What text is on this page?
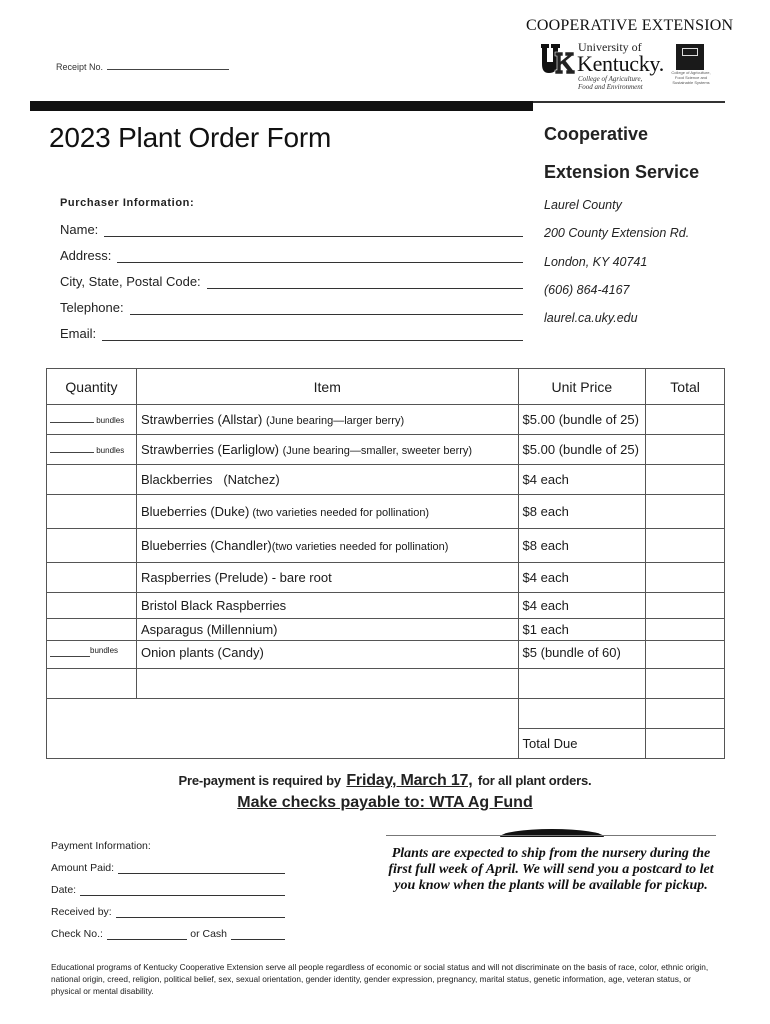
Receipt No.
COOPERATIVE EXTENSION
University of
Kentucky.
College of Agriculture,
Food and Environment
College of Agriculture, Food Science and Sustainable Systems
2023 Plant Order Form
Purchaser Information:
Name:
Address:
City, State, Postal Code:
Telephone:
Email:
Cooperative
Extension Service
Laurel County
200 County Extension Rd.
London, KY 40741
(606) 864-4167
laurel.ca.uky.edu
Quantity	Item	Unit Price	Total
bundles	Strawberries (Allstar) (June bearing—larger berry)	$5.00 (bundle of 25)	
bundles	Strawberries (Earliglow) (June bearing—smaller, sweeter berry)	$5.00 (bundle of 25)	
	Blackberries   (Natchez)	$4 each	
	Blueberries (Duke) (two varieties needed for pollination)	$8 each	
	Blueberries (Chandler)(two varieties needed for pollination)	$8 each	
	Raspberries (Prelude) - bare root	$4 each	
	Bristol Black Raspberries	$4 each	
	Asparagus (Millennium)	$1 each	
bundles	Onion plants (Candy)	$5 (bundle of 60)	

		Total Due	
Pre-payment is required by Friday, March 17, for all plant orders.
Make checks payable to: WTA Ag Fund
Payment Information:
Amount Paid:
Date:
Received by:
Check No.:	or Cash
Plants are expected to ship from the nursery during the first full week of April. We will send you a postcard to let you know when the plants will be available for pickup.
Educational programs of Kentucky Cooperative Extension serve all people regardless of economic or social status and will not discriminate on the basis of race, color, ethnic origin, national origin, creed, religion, political belief, sex, sexual orientation, gender identity, gender expression, pregnancy, marital status, genetic information, age, veteran status, or physical or mental disability.
